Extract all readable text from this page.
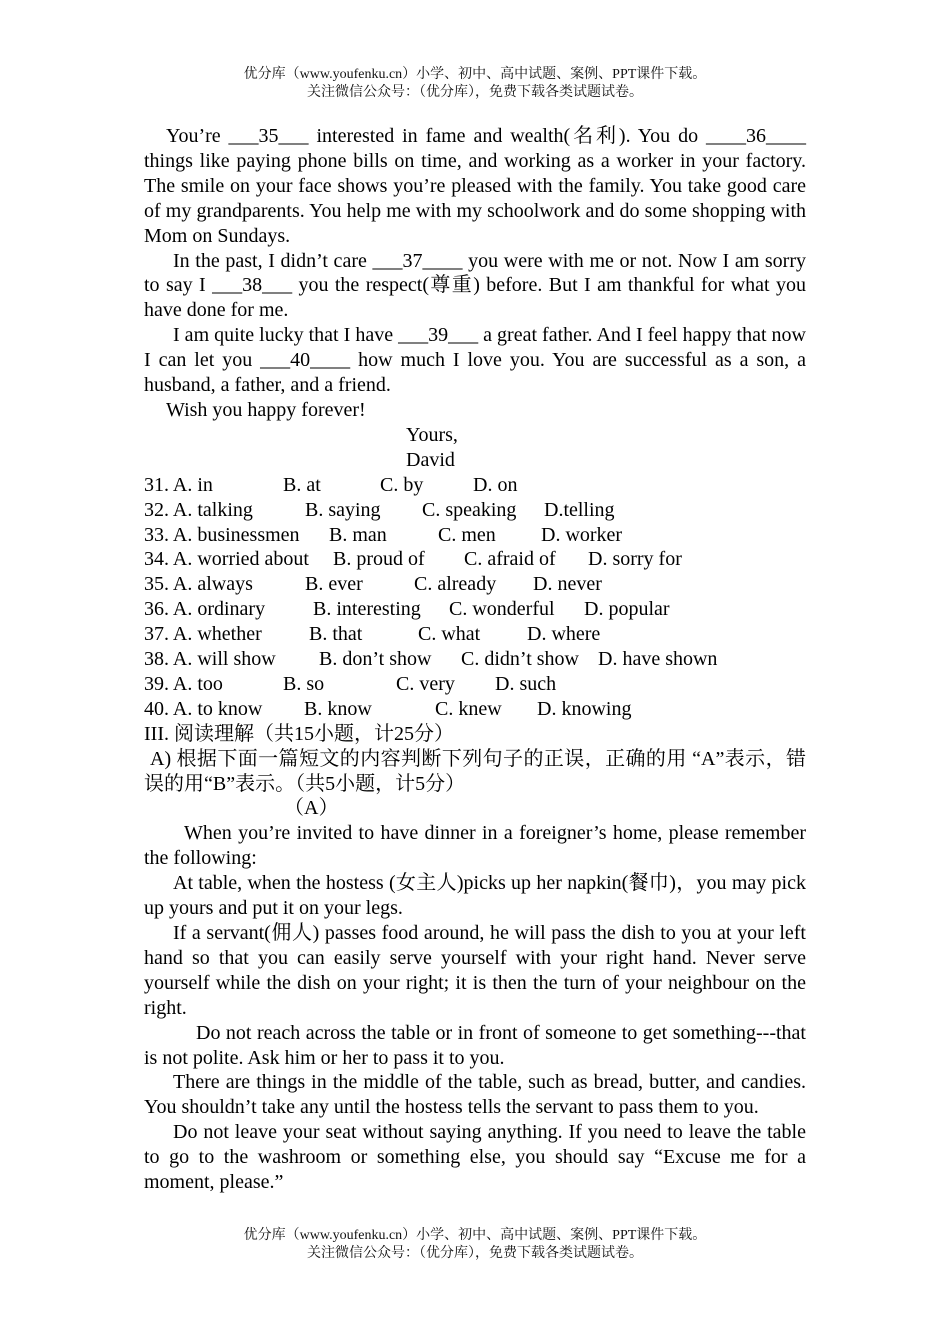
优分库（www.youfenku.cn）小学、初中、高中试题、案例、PPT课件下载。
关注微信公众号：（优分库），免费下载各类试题试卷。
You’re ___35___ interested in fame and wealth(名利). You do ____36____ things like paying phone bills on time, and working as a worker in your factory. The smile on your face shows you’re pleased with the family. You take good care of my grandparents. You help me with my schoolwork and do some shopping with Mom on Sundays.
In the past, I didn’t care ___37____ you were with me or not. Now I am sorry to say I ___38___ you the respect(尊重) before. But I am thankful for what you have done for me.
I am quite lucky that I have ___39___ a great father. And I feel happy that now I can let you ___40____ how much I love you. You are successful as a son, a husband, a father, and a friend.
Wish you happy forever!
Yours,
David
31. A. in	B. at	C. by	D. on
32. A. talking	B. saying	C. speaking	D.telling
33. A. businessmen	B. man	C. men	D. worker
34. A. worried about	B. proud of	C. afraid of	D. sorry for
35. A. always	B. ever	C. already	D. never
36. A. ordinary	B. interesting	C. wonderful	D. popular
37. A. whether	B. that	C. what	D. where
38. A. will show	B. don’t show	C. didn’t show D. have shown
39. A. too	B. so	C. very	D. such
40. A. to know	B. know	C. knew	D. knowing
III. 阅读理解（共15小题，计25分）
A) 根据下面一篇短文的内容判断下列句子的正误，正确的用 “A”表示，错误的用“B”表示。（共5小题，计5分）
（A）
When you’re invited to have dinner in a foreigner’s home, please remember the following:
At table, when the hostess (女主人)picks up her napkin(餐巾)，you may pick up yours and put it on your legs.
If a servant(佣人) passes food around, he will pass the dish to you at your left hand so that you can easily serve yourself with your right hand. Never serve yourself while the dish on your right; it is then the turn of your neighbour on the right.
Do not reach across the table or in front of someone to get something---that is not polite. Ask him or her to pass it to you.
There are things in the middle of the table, such as bread, butter, and candies. You shouldn’t take any until the hostess tells the servant to pass them to you.
Do not leave your seat without saying anything. If you need to leave the table to go to the washroom or something else, you should say “Excuse me for a moment, please.”
优分库（www.youfenku.cn）小学、初中、高中试题、案例、PPT课件下载。
关注微信公众号：（优分库），免费下载各类试题试卷。
